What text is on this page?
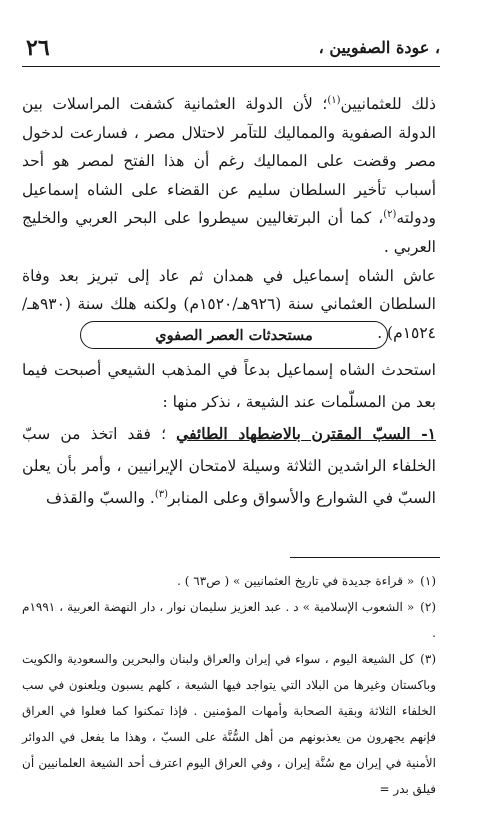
، عودة الصفويين ،
٢٦

ذلك للعثمانيين$^{(١)}$؛ لأن الدولة العثمانية كشفت المراسلات بين الدولة الصفوية والمماليك للتآمر لاحتلال مصر ، فسارعت لدخول مصر وقضت على المماليك رغم أن هذا الفتح لمصر هو أحد أسباب تأخير السلطان سليم عن القضاء على الشاه إسماعيل ودولته$^{(٢)}$، كما أن البرتغاليين سيطروا على البحر العربي والخليج العربي .

عاش الشاه إسماعيل في همدان ثم عاد إلى تبريز بعد وفاة السلطان العثماني سنة (٩٢٦هـ/١٥٢٠م) ولكنه هلك سنة (٩٣٠هـ/١٥٢٤م) .

مستحدثات العصر الصفوي

استحدث الشاه إسماعيل بدعاً في المذهب الشيعي أصبحت فيما بعد من المسلّمات عند الشيعة ، نذكر منها :

١- السبّ المقترن بالاضطهاد الطائفي ؛ فقد اتخذ من سبّ الخلفاء الراشدين الثلاثة وسيلة لامتحان الإيرانيين ، وأمر بأن يعلن السبّ في الشوارع والأسواق وعلى المنابر$^{(٣)}$. والسبّ والقذف

(١)« قراءة جديدة في تاريخ العثمانيين » ( ص٦٣ ) .

(٢)« الشعوب الإسلامية » د . عبد العزيز سليمان نوار ، دار النهضة العربية ، ١٩٩١م .

(٣)كل الشيعة اليوم ، سواء في إيران والعراق ولبنان والبحرين والسعودية والكويت وباكستان وغيرها من البلاد التي يتواجد فيها الشيعة ، كلهم يسبون ويلعنون في سب الخلفاء الثلاثة وبقية الصحابة وأمهات المؤمنين . فإذا تمكنوا كما فعلوا في العراق فإنهم يجهرون من يعذبونهم من أهل السُّنَّة على السبّ ، وهذا ما يفعل في الدوائر الأمنية في إيران مع سُنَّة إيران ، وفي العراق اليوم اعترف أحد الشيعة العلمانيين أن فيلق بدر =
